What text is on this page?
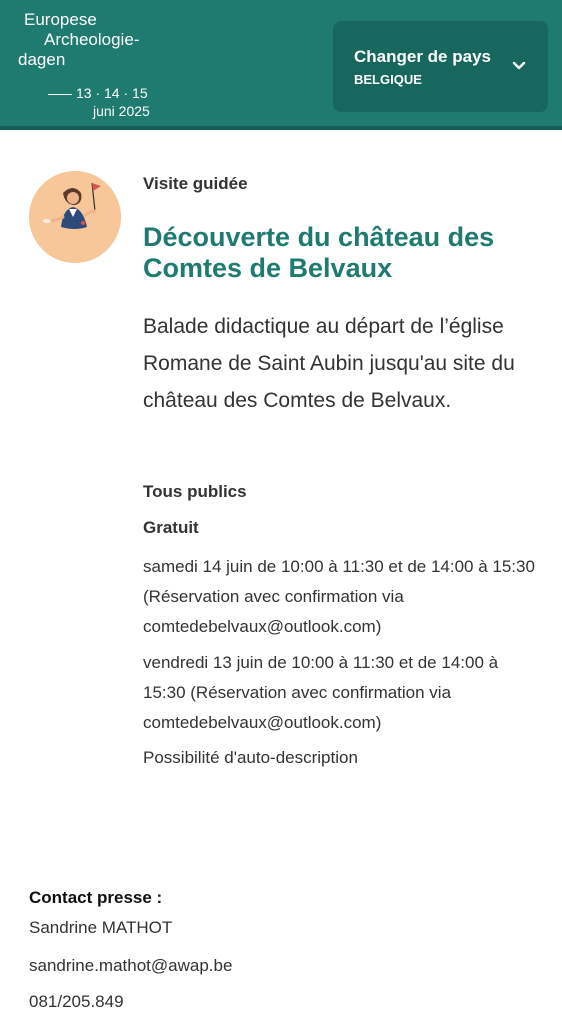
Europese
Archeologie-
dagen
13 · 14 · 15
juni 2025
Changer de pays
BELGIQUE
Visite guidée
Découverte du château des Comtes de Belvaux
Balade didactique au départ de l’église Romane de Saint Aubin jusqu'au site du château des Comtes de Belvaux.
Tous publics
Gratuit
samedi 14 juin de 10:00 à 11:30 et de 14:00 à 15:30 (Réservation avec confirmation via comtedebelvaux@outlook.com)
vendredi 13 juin de 10:00 à 11:30 et de 14:00 à 15:30 (Réservation avec confirmation via comtedebelvaux@outlook.com)
Possibilité d'auto-description
Contact presse :
Sandrine MATHOT
sandrine.mathot@awap.be
081/205.849
